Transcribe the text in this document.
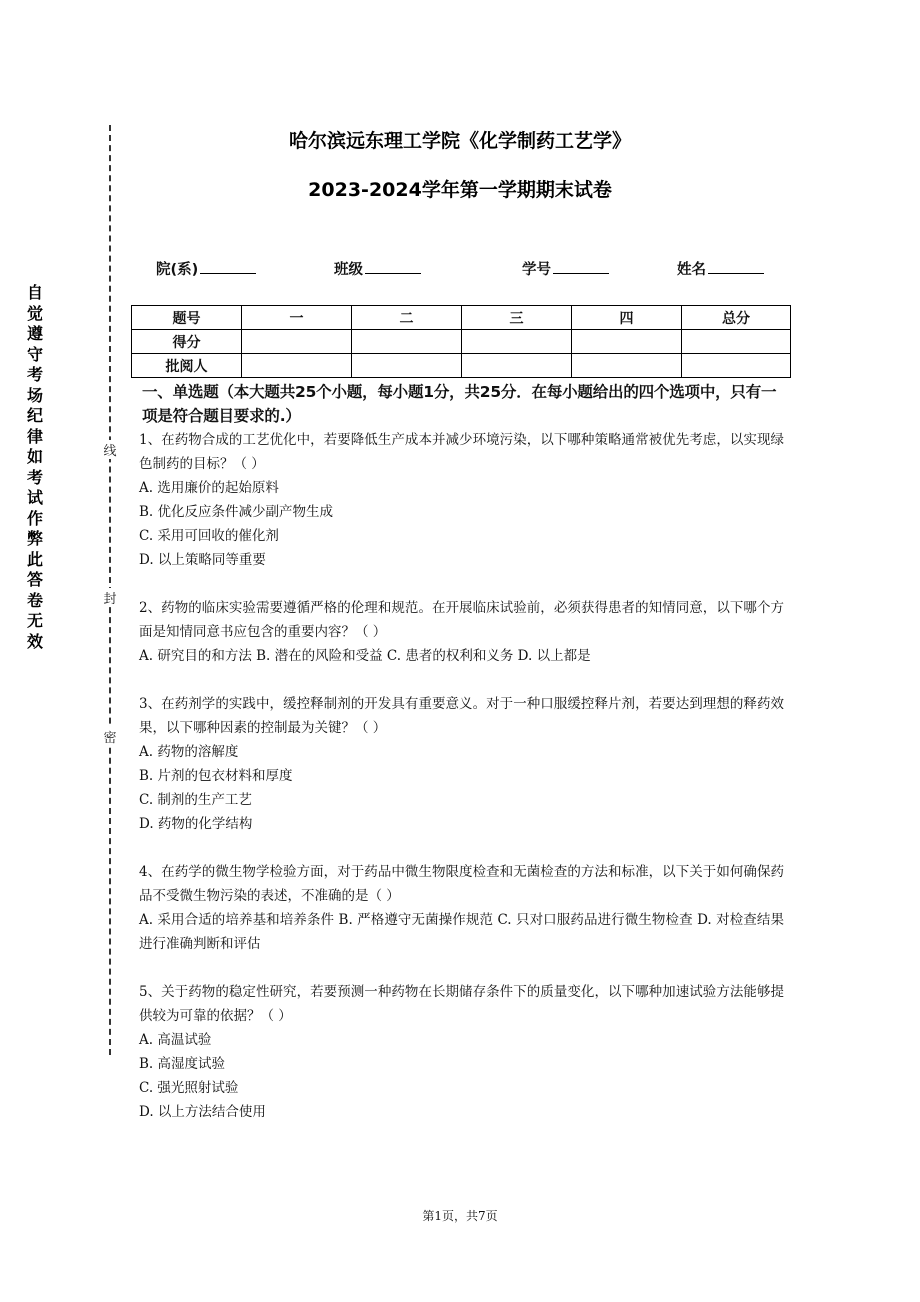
自觉遵守考场纪律如考试作弊此答卷无效
线
封
密
哈尔滨远东理工学院《化学制药工艺学》
2023-2024学年第一学期期末试卷
院(系)	班级	学号	姓名
题号	一	二	三	四	总分
得分					
批阅人					
一、单选题（本大题共25个小题，每小题1分，共25分．在每小题给出的四个选项中，只有一项是符合题目要求的.）
1、在药物合成的工艺优化中，若要降低生产成本并减少环境污染，以下哪种策略通常被优先考虑，以实现绿色制药的目标？（ ）
A. 选用廉价的起始原料
B. 优化反应条件减少副产物生成
C. 采用可回收的催化剂
D. 以上策略同等重要
2、药物的临床实验需要遵循严格的伦理和规范。在开展临床试验前，必须获得患者的知情同意，以下哪个方面是知情同意书应包含的重要内容？（ ）
A. 研究目的和方法 B. 潜在的风险和受益 C. 患者的权利和义务 D. 以上都是
3、在药剂学的实践中，缓控释制剂的开发具有重要意义。对于一种口服缓控释片剂，若要达到理想的释药效果，以下哪种因素的控制最为关键？（ ）
A. 药物的溶解度
B. 片剂的包衣材料和厚度
C. 制剂的生产工艺
D. 药物的化学结构
4、在药学的微生物学检验方面，对于药品中微生物限度检查和无菌检查的方法和标准，以下关于如何确保药品不受微生物污染的表述，不准确的是（ ）
A. 采用合适的培养基和培养条件 B. 严格遵守无菌操作规范 C. 只对口服药品进行微生物检查 D. 对检查结果进行准确判断和评估
5、关于药物的稳定性研究，若要预测一种药物在长期储存条件下的质量变化，以下哪种加速试验方法能够提供较为可靠的依据？（ ）
A. 高温试验
B. 高湿度试验
C. 强光照射试验
D. 以上方法结合使用
第1页，共7页
